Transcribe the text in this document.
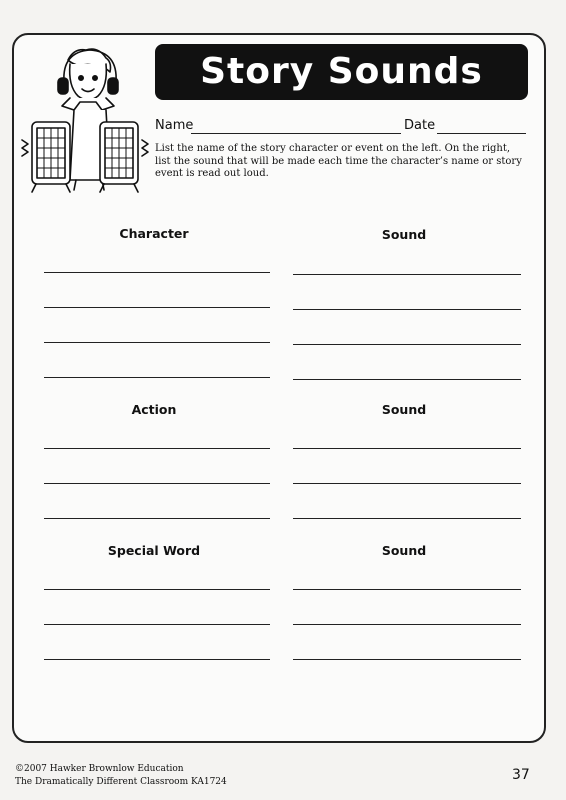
Story Sounds
Name	Date
List the name of the story character or event on the left. On the right, list the sound that will be made each time the character’s name or story event is read out loud.
Character	Sound
Action	Sound
Special Word	Sound
©2007 Hawker Brownlow Education
The Dramatically Different Classroom KA1724	37
